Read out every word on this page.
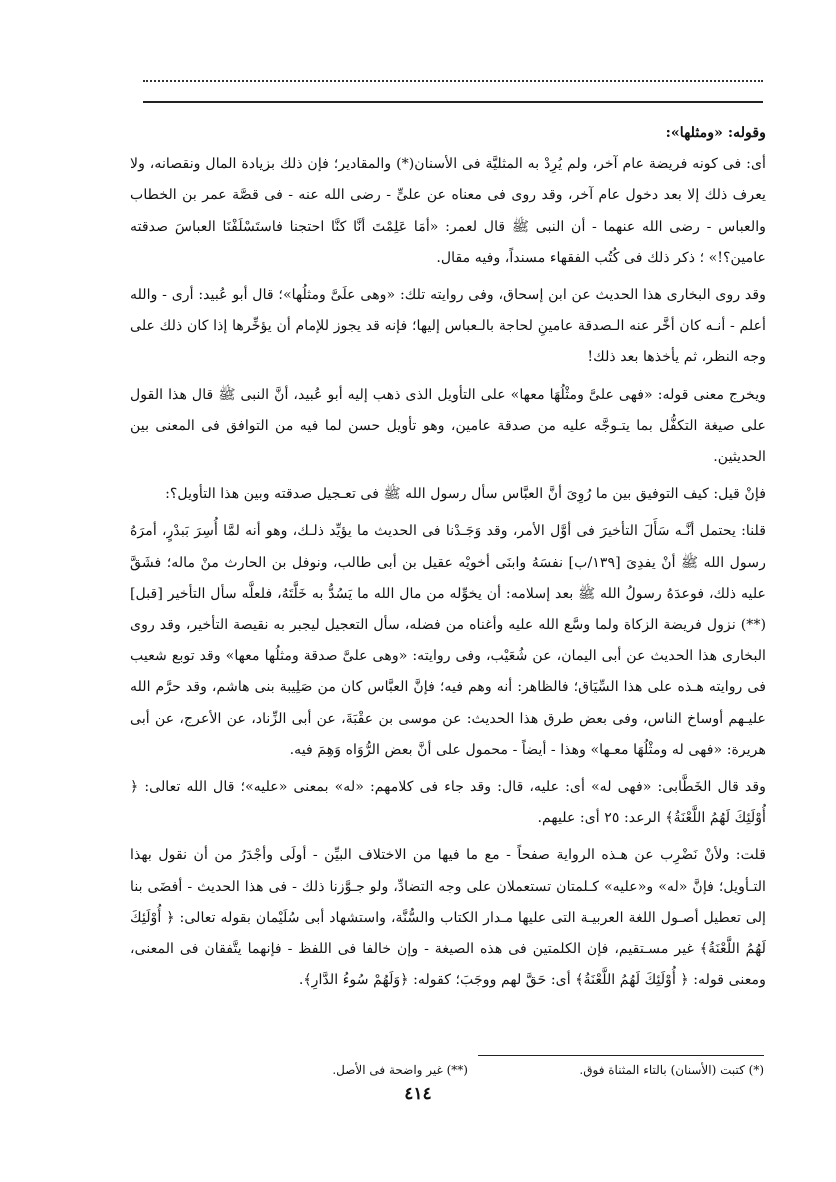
وقوله: «ومثلها»:

أى: فى كونه فريضة عام آخر، ولم يُرِدْ به المثليَّة فى الأسنان(*) والمقادير؛ فإن ذلك بزيادة المال ونقصانه، ولا يعرف ذلك إلا بعد دخول عام آخر، وقد روى فى معناه عن علىٍّ - رضى الله عنه - فى قصَّة عمر بن الخطاب والعباس - رضى الله عنهما - أن النبى ﷺ قال لعمر: «أمَا عَلِمْتَ أنَّا كنَّا احتجنا فاستَسْلَفْنَا العباسَ صدقته عامين؟!» ؛ ذكر ذلك فى كُتُب الفقهاء مسنداً، وفيه مقال.

وقد روى البخارى هذا الحديث عن ابن إسحاق، وفى روايته تلك: «وهى علَىَّ ومثلُها»؛ قال أبو عُبيد: أرى - والله أعلم - أنـه كان أخَّر عنه الـصدقة عامينِ لحاجة بالـعباس إليها؛ فإنه قد يجوز للإمام أن يؤخِّرها إذا كان ذلك على وجه النظر، ثم يأخذها بعد ذلك!

ويخرج معنى قوله: «فهى علىَّ ومثْلُهَا معها» على التأويل الذى ذهب إليه أبو عُبيد، أنَّ النبى ﷺ قال هذا القول على صيغة التكفُّل بما يتـوجَّه عليه من صدقة عامين، وهو تأويل حسن لما فيه من التوافق فى المعنى بين الحديثين.

فإنْ قيل: كيف التوفيق بين ما رُوِىَ أنَّ العبَّاس سأل رسول الله ﷺ فى تعـجيل صدقته وبين هذا التأويل؟:

قلنا: يحتمل أنَّـه سَأَلَ التأخيرَ فى أوَّل الأمر، وقد وَجَـدْنا فى الحديث ما يؤيِّد ذلـك، وهو أنه لمَّا أُسِرَ بَبدْرٍ، أمرَهُ رسول الله ﷺ أنْ يفدِىَ [١٣٩/ب] نفسَهُ وابنَى أخويْه عقيل بن أبى طالب، ونوفل بن الحارث منْ ماله؛ فشَقَّ عليه ذلك، فوعدَهُ رسولُ الله ﷺ بعد إسلامه: أن يخوِّله من مال الله ما يَسُدُّ به خَلَّتَهُ، فلعلَّه سأل التأخير [قبل](**) نزول فريضة الزكاة ولما وسَّع الله عليه وأغناه من فضله، سأل التعجيل ليجبر به نقيصة التأخير، وقد روى البخارى هذا الحديث عن أبى اليمان، عن شُعَيْب، وفى روايته: «وهى علىَّ صدقة ومثلُها معها» وقد توبع شعيب فى روايته هـذه على هذا السِّيَاق؛ فالظاهر: أنه وهم فيه؛ فإنَّ العبَّاس كان من صَلِيبة بنى هاشم، وقد حرَّم الله عليـهم أوساخ الناس، وفى بعض طرق هذا الحديث: عن موسى بن عقْبَةَ، عن أبى الزِّناد، عن الأعرج، عن أبى هريرة: «فهى له ومثْلُهَا معـها» وهذا - أيضاً - محمول على أنَّ بعض الرُّوَاه وَهِمَ فيه.

وقد قال الخَطَّابى: «فهى له» أى: عليه، قال: وقد جاء فى كلامهم: «له» بمعنى «عليه»؛ قال الله تعالى: ﴿ أُوْلَئِكَ لَهُمُ اللَّعْنَةُ﴾ الرعد: ٢٥ أى: عليهم.

قلت: ولأنْ نَضْرِب عن هـذه الرواية صفحاً - مع ما فيها من الاختلاف البيِّن - أولَى وأجْدَرُ من أن نقول بهذا التـأويل؛ فإنَّ «له» و«عليه» كـلمتان تستعملان على وجه التضادِّ، ولو جـوَّزنا ذلك - فى هذا الحديث - أفضَى بنا إلى تعطيل أصـول اللغة العربيـة التى عليها مـدار الكتاب والسُّنَّة، واستشهاد أبى سُلَيْمان بقوله تعالى: ﴿ أُوْلَئِكَ لَهُمُ اللَّعْنَةُ﴾ غير مسـتقيم، فإن الكلمتين فى هذه الصيغة - وإن خالفا فى اللفظ - فإنهما يتَّفقان فى المعنى، ومعنى قوله: ﴿ أُوْلَئِكَ لَهُمُ اللَّعْنَةُ﴾ أى: حَقَّ لهم ووجَبَ؛ كقوله: ﴿وَلَهُمْ سُوءُ الدَّارِ﴾.

(*) كتبت (الأسنان) بالتاء المثناة فوق.
(**) غير واضحة فى الأصل.
٤١٤
